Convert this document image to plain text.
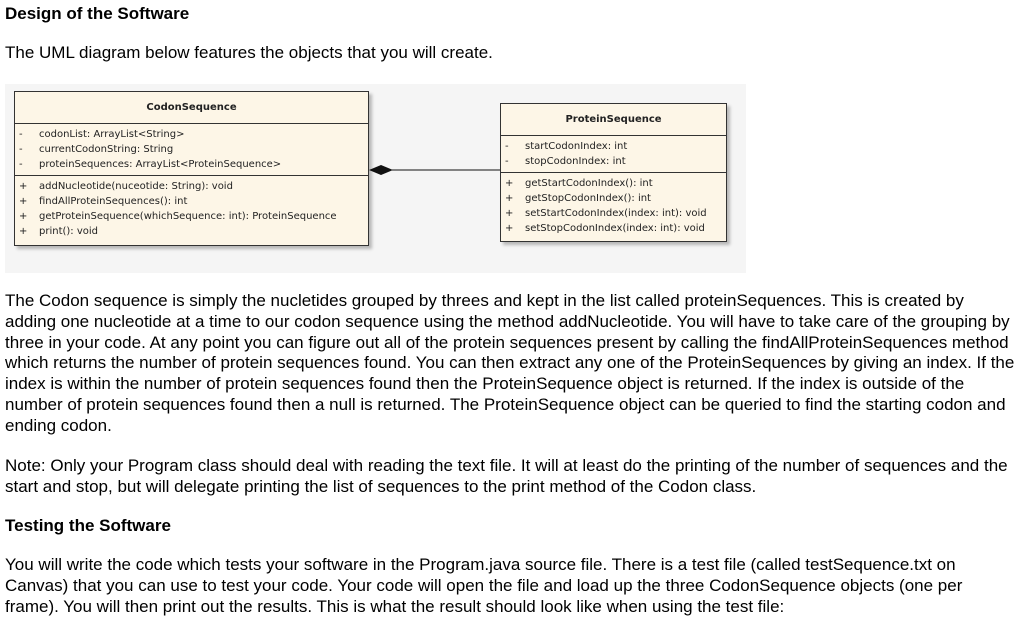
Design of the Software

The UML diagram below features the objects that you will create.

CodonSequence
-	codonList: ArrayList<String>
-	currentCodonString: String
-	proteinSequences: ArrayList<ProteinSequence>
+ addNucleotide(nuceotide: String): void
+ findAllProteinSequences(): int
+ getProteinSequence(whichSequence: int): ProteinSequence
+ print(): void
ProteinSequence
-	startCodonIndex: int
-	stopCodonIndex: int
+ getStartCodonIndex(): int
+ getStopCodonIndex(): int
+ setStartCodonIndex(index: int): void
+ setStopCodonIndex(index: int): void

The Codon sequence is simply the nucletides grouped by threes and kept in the list called proteinSequences. This is created by adding one nucleotide at a time to our codon sequence using the method addNucleotide. You will have to take care of the grouping by three in your code. At any point you can figure out all of the protein sequences present by calling the findAllProteinSequences method which returns the number of protein sequences found. You can then extract any one of the ProteinSequences by giving an index. If the index is within the number of protein sequences found then the ProteinSequence object is returned. If the index is outside of the number of protein sequences found then a null is returned. The ProteinSequence object can be queried to find the starting codon and ending codon.

Note: Only your Program class should deal with reading the text file. It will at least do the printing of the number of sequences and the start and stop, but will delegate printing the list of sequences to the print method of the Codon class.

Testing the Software

You will write the code which tests your software in the Program.java source file. There is a test file (called testSequence.txt on Canvas) that you can use to test your code. Your code will open the file and load up the three CodonSequence objects (one per frame). You will then print out the results. This is what the result should look like when using the test file:
